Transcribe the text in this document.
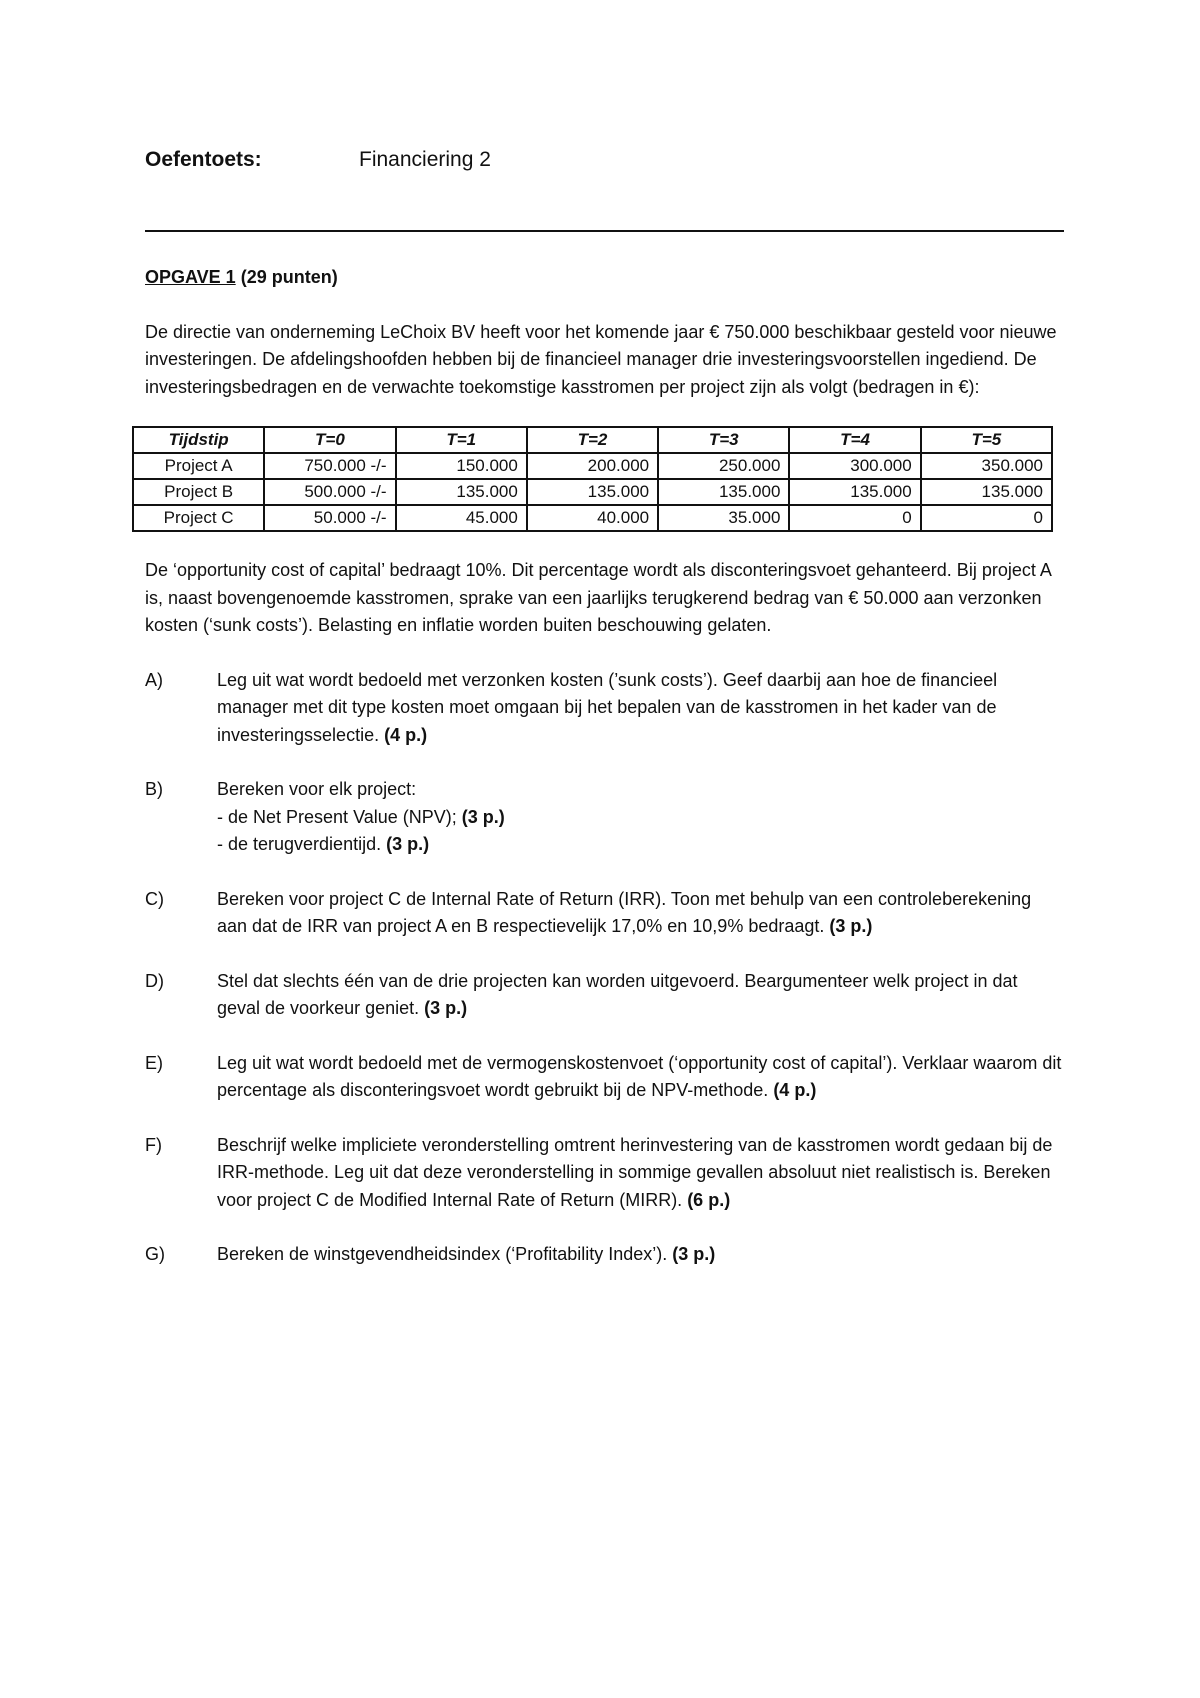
Oefentoets:	Financiering 2
OPGAVE 1 (29 punten)

De directie van onderneming LeChoix BV heeft voor het komende jaar € 750.000 beschikbaar gesteld voor nieuwe investeringen. De afdelingshoofden hebben bij de financieel manager drie investeringsvoorstellen ingediend. De investeringsbedragen en de verwachte toekomstige kasstromen per project zijn als volgt (bedragen in €):

Tijdstip	T=0	T=1	T=2	T=3	T=4	T=5
Project A	750.000 -/-	150.000	200.000	250.000	300.000	350.000
Project B	500.000 -/-	135.000	135.000	135.000	135.000	135.000
Project C	50.000 -/-	45.000	40.000	35.000	0	0

De ‘opportunity cost of capital’ bedraagt 10%. Dit percentage wordt als disconteringsvoet gehanteerd. Bij project A is, naast bovengenoemde kasstromen, sprake van een jaarlijks terugkerend bedrag van € 50.000 aan verzonken kosten (‘sunk costs’). Belasting en inflatie worden buiten beschouwing gelaten.

A)	Leg uit wat wordt bedoeld met verzonken kosten (’sunk costs’). Geef daarbij aan hoe de financieel manager met dit type kosten moet omgaan bij het bepalen van de kasstromen in het kader van de investeringsselectie. (4 p.)
B)	Bereken voor elk project:
- de Net Present Value (NPV); (3 p.)
- de terugverdientijd. (3 p.)
C)	Bereken voor project C de Internal Rate of Return (IRR). Toon met behulp van een controleberekening aan dat de IRR van project A en B respectievelijk 17,0% en 10,9% bedraagt. (3 p.)
D)	Stel dat slechts één van de drie projecten kan worden uitgevoerd. Beargumenteer welk project in dat geval de voorkeur geniet. (3 p.)
E)	Leg uit wat wordt bedoeld met de vermogenskostenvoet (‘opportunity cost of capital’). Verklaar waarom dit percentage als disconteringsvoet wordt gebruikt bij de NPV-methode. (4 p.)
F)	Beschrijf welke impliciete veronderstelling omtrent herinvestering van de kasstromen wordt gedaan bij de IRR-methode. Leg uit dat deze veronderstelling in sommige gevallen absoluut niet realistisch is. Bereken voor project C de Modified Internal Rate of Return (MIRR). (6 p.)
G)	Bereken de winstgevendheidsindex (‘Profitability Index’). (3 p.)
